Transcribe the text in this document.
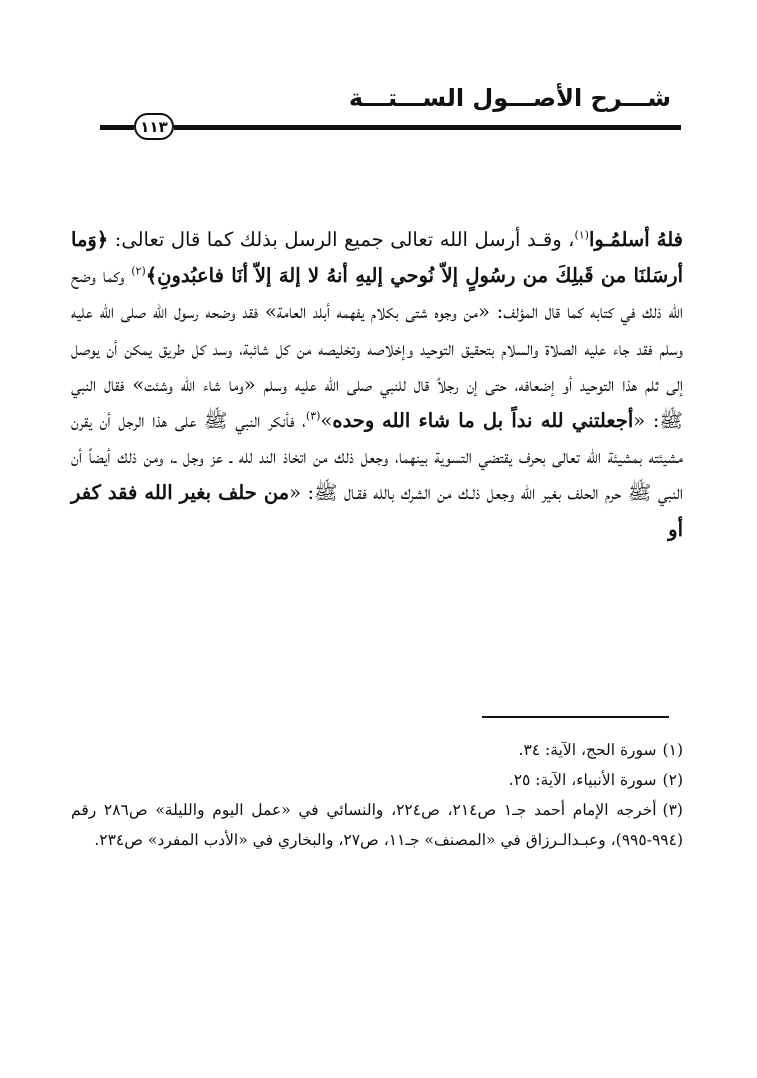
شـــرح الأصـــول الســـتـــة
١١٣
فلهُ أسلمُـوا$^{(١)}$، وقـد أرسل الله تعالى جميع الرسل بذلك كما قال تعالى: ﴿وَما أرسَلنَا من قَبلِكَ من رسُولٍ إلاّ نُوحي إليهِ أنهُ لا إلهَ إلاّ أنَا فاعبُدونِ﴾$^{(٢)}$ وكما وضح الله ذلك في كتابه كما قال المؤلف: «من وجوه شتى بكلام يفهمه أبلد العامة» فقد وضحه رسول الله صلى الله عليه وسلم فقد جاء عليه الصلاة والسلام بتحقيق التوحيد وإخلاصه وتخليصه من كل شائبة، وسد كل طريق يمكن أن يوصل إلى ثلم هذا التوحيد أو إضعافه، حتى إن رجلاً قال للنبي صلى الله عليه وسلم «وما شاء الله وشئت» فقال النبي ﷺ: «أجعلتني لله نداً بل ما شاء الله وحده»$^{(٣)}$، فأنكر النبي ﷺ على هذا الرجل أن يقرن مشيئته بمشيئة الله تعالى بحرف يقتضي التسوية بينهما، وجعل ذلك من اتخاذ الند لله ـ عز وجل ـ، ومن ذلك أيضاً أن النبي ﷺ حرم الحلف بغير الله وجعل ذلـك من الشرك بالله فقـال ﷺ: «من حلف بغير الله فقد كفر أو

(١)سورة الحج، الآية: ٣٤.

(٢)سورة الأنبياء، الآية: ٢٥.

(٣)أخرجه الإمام أحمد جـ١ ص٢١٤، ص٢٢٤، والنسائي في «عمل اليوم والليلة» ص٢٨٦ رقم (٩٩٤-٩٩٥)، وعبـدالـرزاق في «المصنف» جـ١١، ص٢٧، والبخاري في «الأدب المفرد» ص٢٣٤.
